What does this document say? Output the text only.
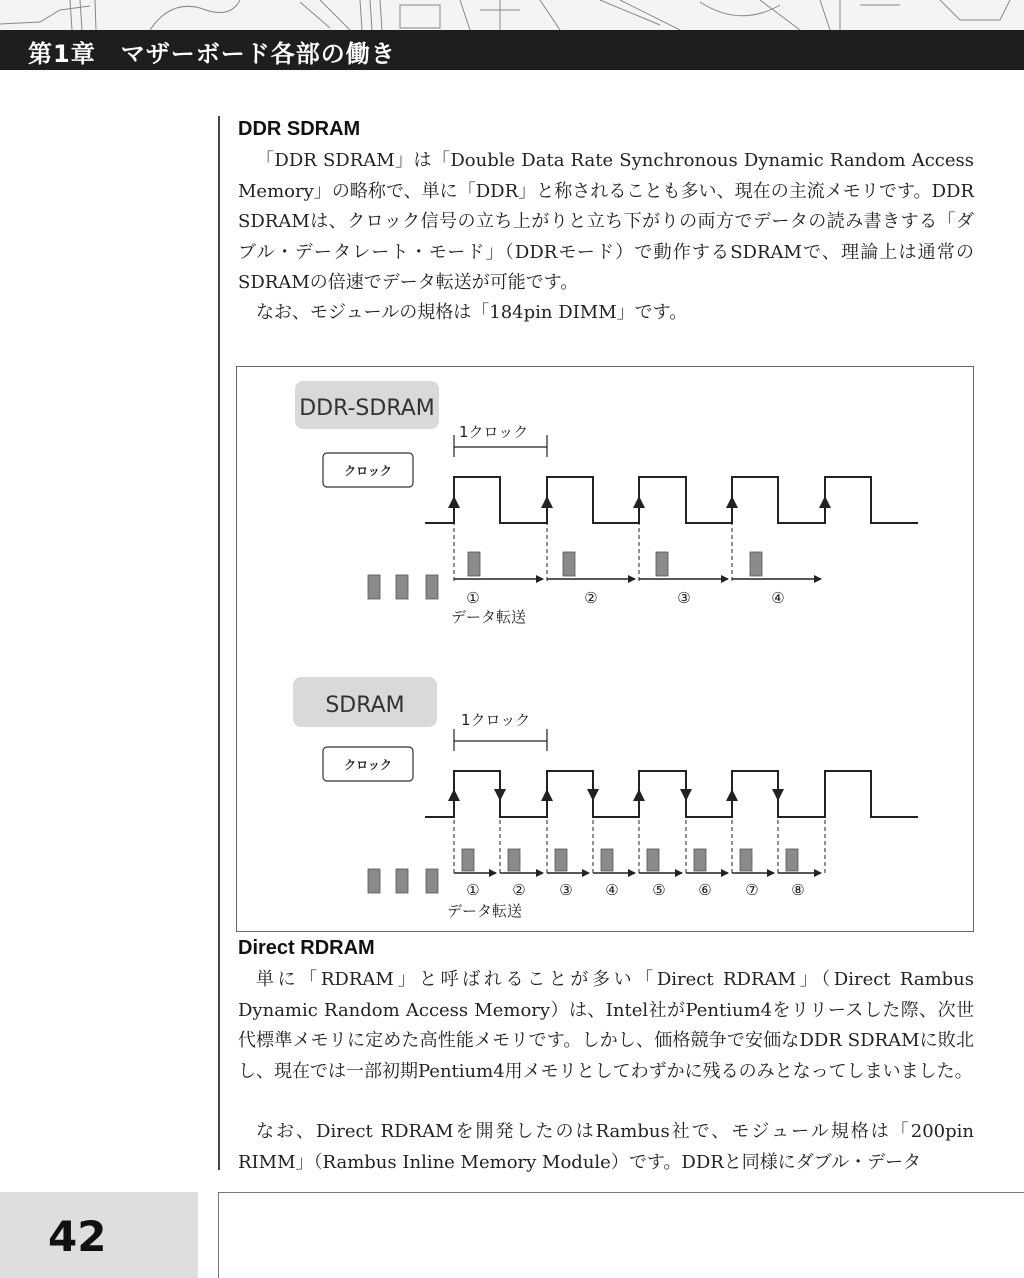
第1章　マザーボード各部の働き
DDR SDRAM

「DDR SDRAM」は「Double Data Rate Synchronous Dynamic Random Access Memory」の略称で、単に「DDR」と称されることも多い、現在の主流メモリです。DDR SDRAMは、クロック信号の立ち上がりと立ち下がりの両方でデータの読み書きする「ダブル・データレート・モード」（DDRモード）で動作するSDRAMで、理論上は通常のSDRAMの倍速でデータ転送が可能です。

なお、モジュールの規格は「184pin DIMM」です。

DDR-SDRAM
1クロック
クロック
①	②	③	④
データ転送
SDRAM
1クロック
クロック
① ② ③ ④ ⑤ ⑥ ⑦ ⑧
データ転送
Direct RDRAM

単に「RDRAM」と呼ばれることが多い「Direct RDRAM」（Direct Rambus Dynamic Random Access Memory）は、Intel社がPentium4をリリースした際、次世代標準メモリに定めた高性能メモリです。しかし、価格競争で安価なDDR SDRAMに敗北し、現在では一部初期Pentium4用メモリとしてわずかに残るのみとなってしまいました。

なお、Direct RDRAMを開発したのはRambus社で、モジュール規格は「200pin RIMM」（Rambus Inline Memory Module）です。DDRと同様にダブル・データ

42
